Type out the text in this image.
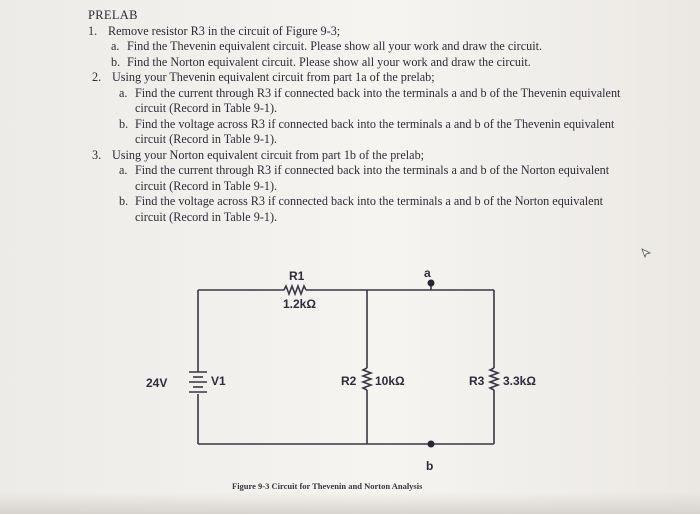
PRELAB
1. Remove resistor R3 in the circuit of Figure 9-3;
a. Find the Thevenin equivalent circuit. Please show all your work and draw the circuit.
b. Find the Norton equivalent circuit. Please show all your work and draw the circuit.
2. Using your Thevenin equivalent circuit from part 1a of the prelab;
a. Find the current through R3 if connected back into the terminals a and b of the Thevenin equivalent circuit (Record in Table 9-1).
b. Find the voltage across R3 if connected back into the terminals a and b of the Thevenin equivalent circuit (Record in Table 9-1).
3. Using your Norton equivalent circuit from part 1b of the prelab;
a. Find the current through R3 if connected back into the terminals a and b of the Norton equivalent circuit (Record in Table 9-1).
b. Find the voltage across R3 if connected back into the terminals a and b of the Norton equivalent circuit (Record in Table 9-1).
R1
1.2kΩ
a
24V	V1	R2 10kΩ	R3 3.3kΩ
b
Figure 9-3 Circuit for Thevenin and Norton Analysis
